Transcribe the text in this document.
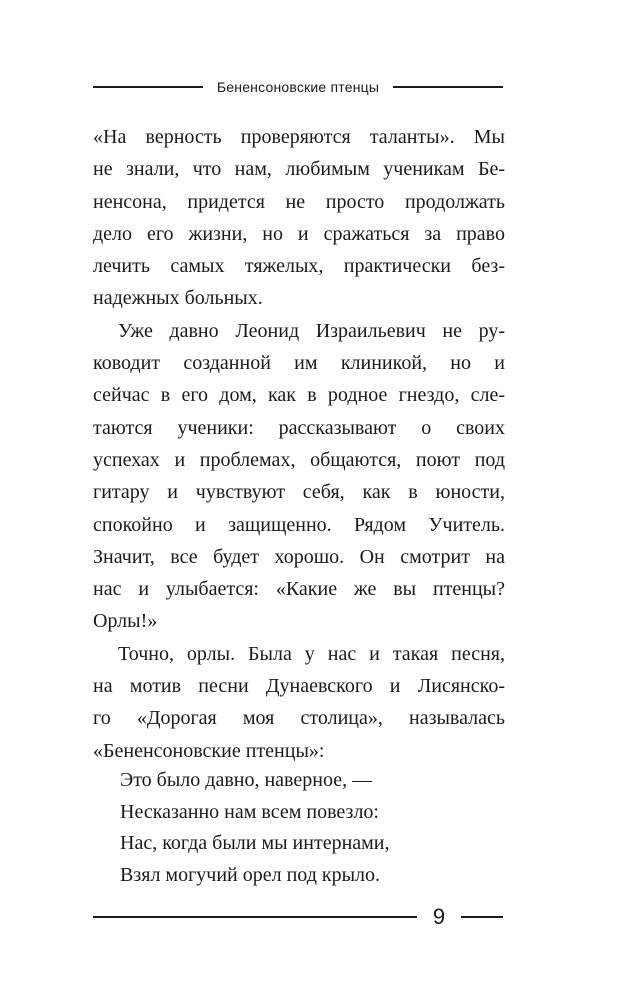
Бененсоновские птенцы
«На верность проверяются таланты». Мы
не знали, что нам, любимым ученикам Бе-
ненсона, придется не просто продолжать
дело его жизни, но и сражаться за право
лечить самых тяжелых, практически без-
надежных больных.
Уже давно Леонид Израильевич не ру-
ководит созданной им клиникой, но и
сейчас в его дом, как в родное гнездо, сле-
таются ученики: рассказывают о своих
успехах и проблемах, общаются, поют под
гитару и чувствуют себя, как в юности,
спокойно и защищенно. Рядом Учитель.
Значит, все будет хорошо. Он смотрит на
нас и улыбается: «Какие же вы птенцы?
Орлы!»
Точно, орлы. Была у нас и такая песня,
на мотив песни Дунаевского и Лисянско-
го «Дорогая моя столица», называлась
«Бененсоновские птенцы»:
Это было давно, наверное, —
Несказанно нам всем повезло:
Нас, когда были мы интернами,
Взял могучий орел под крыло.
9
